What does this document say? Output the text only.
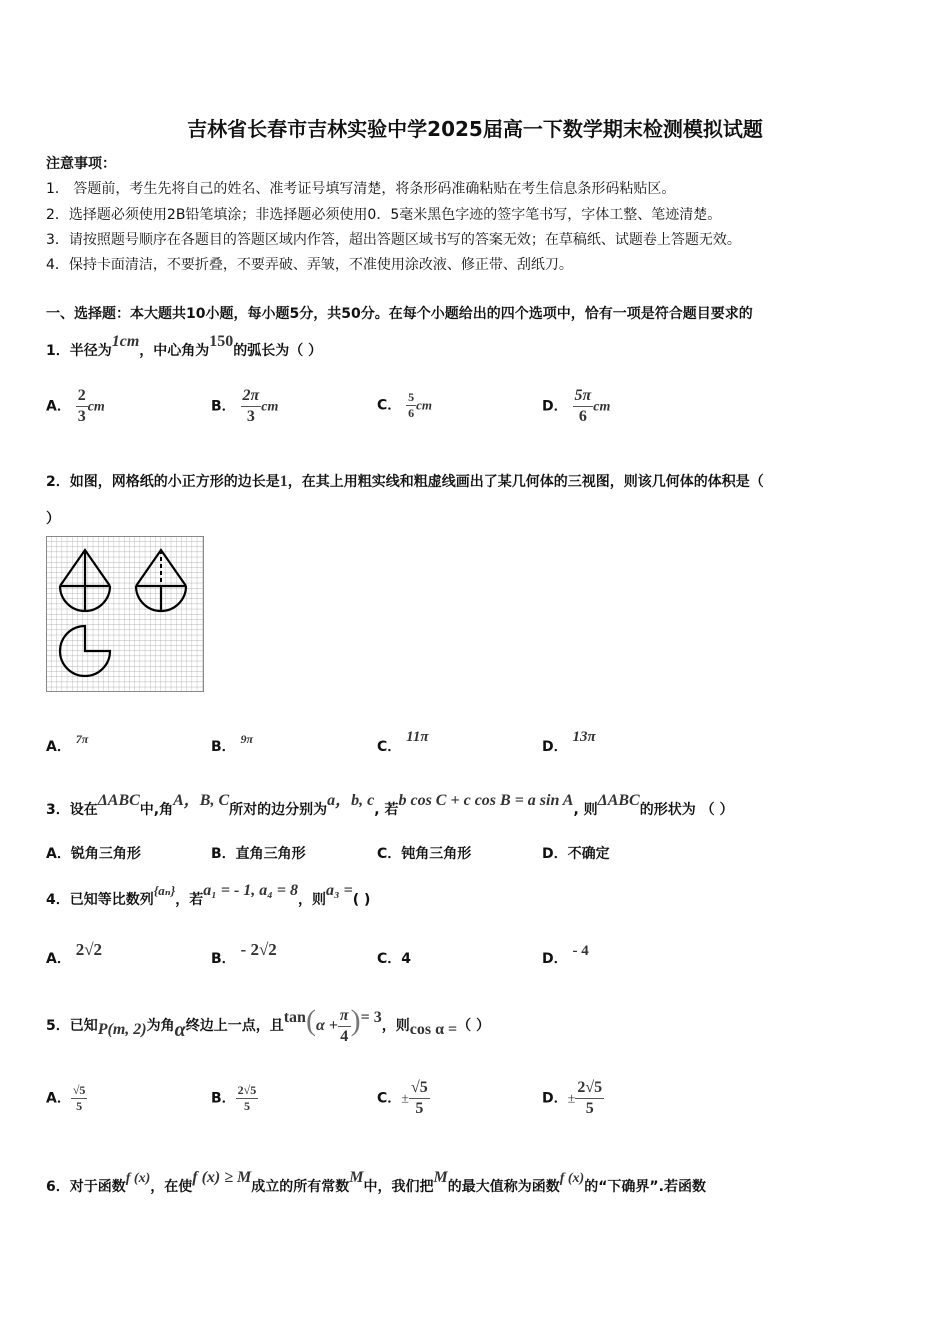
吉林省长春市吉林实验中学2025届高一下数学期末检测模拟试题
注意事项：
1． 答题前，考生先将自己的姓名、准考证号填写清楚，将条形码准确粘贴在考生信息条形码粘贴区。
2．选择题必须使用2B铅笔填涂；非选择题必须使用0．5毫米黑色字迹的签字笔书写，字体工整、笔迹清楚。
3．请按照题号顺序在各题目的答题区域内作答，超出答题区域书写的答案无效；在草稿纸、试题卷上答题无效。
4．保持卡面清洁，不要折叠，不要弄破、弄皱，不准使用涂改液、修正带、刮纸刀。
一、选择题：本大题共10小题，每小题5分，共50分。在每个小题给出的四个选项中，恰有一项是符合题目要求的
1．半径为1cm，中心角为150的弧长为（ ）
A． $\frac{2}{3}$ cm	B． $\frac{2\pi}{3}$ cm	C． $\frac{5}{6}$ cm	D． $\frac{5\pi}{6}$ cm
2．如图，网格纸的小正方形的边长是1，在其上用粗实线和粗虚线画出了某几何体的三视图，则该几何体的体积是（
）
A． 7π	B． 9π	C． 11π
D． 13π
3．设在ΔABC中,角A，B, C所对的边分别为a，b, c, 若b cos C + c cos B = a sin A, 则ΔABC的形状为 （ ）
A．锐角三角形	B．直角三角形	C．钝角三角形	D．不确定
4．已知等比数列{aₙ}，若a₁ = - 1, a₄ = 8，则a₃ =( )
A． 2√2	B． - 2√2	C．4	D． - 4
5．已知P(m, 2)为角α终边上一点，且$\tan(\alpha + \frac{\pi}{4}$ )= 3，则cos α =（ ）
A． $\frac{√5}{5}$	B． $\frac{2√5}{5}$	C．± $\frac{√5}{5}$	D．± $\frac{2√5}{5}$
6．对于函数f (x)，在使f (x) ≥ M成立的所有常数M中，我们把M的最大值称为函数f (x)的“下确界”.若函数
